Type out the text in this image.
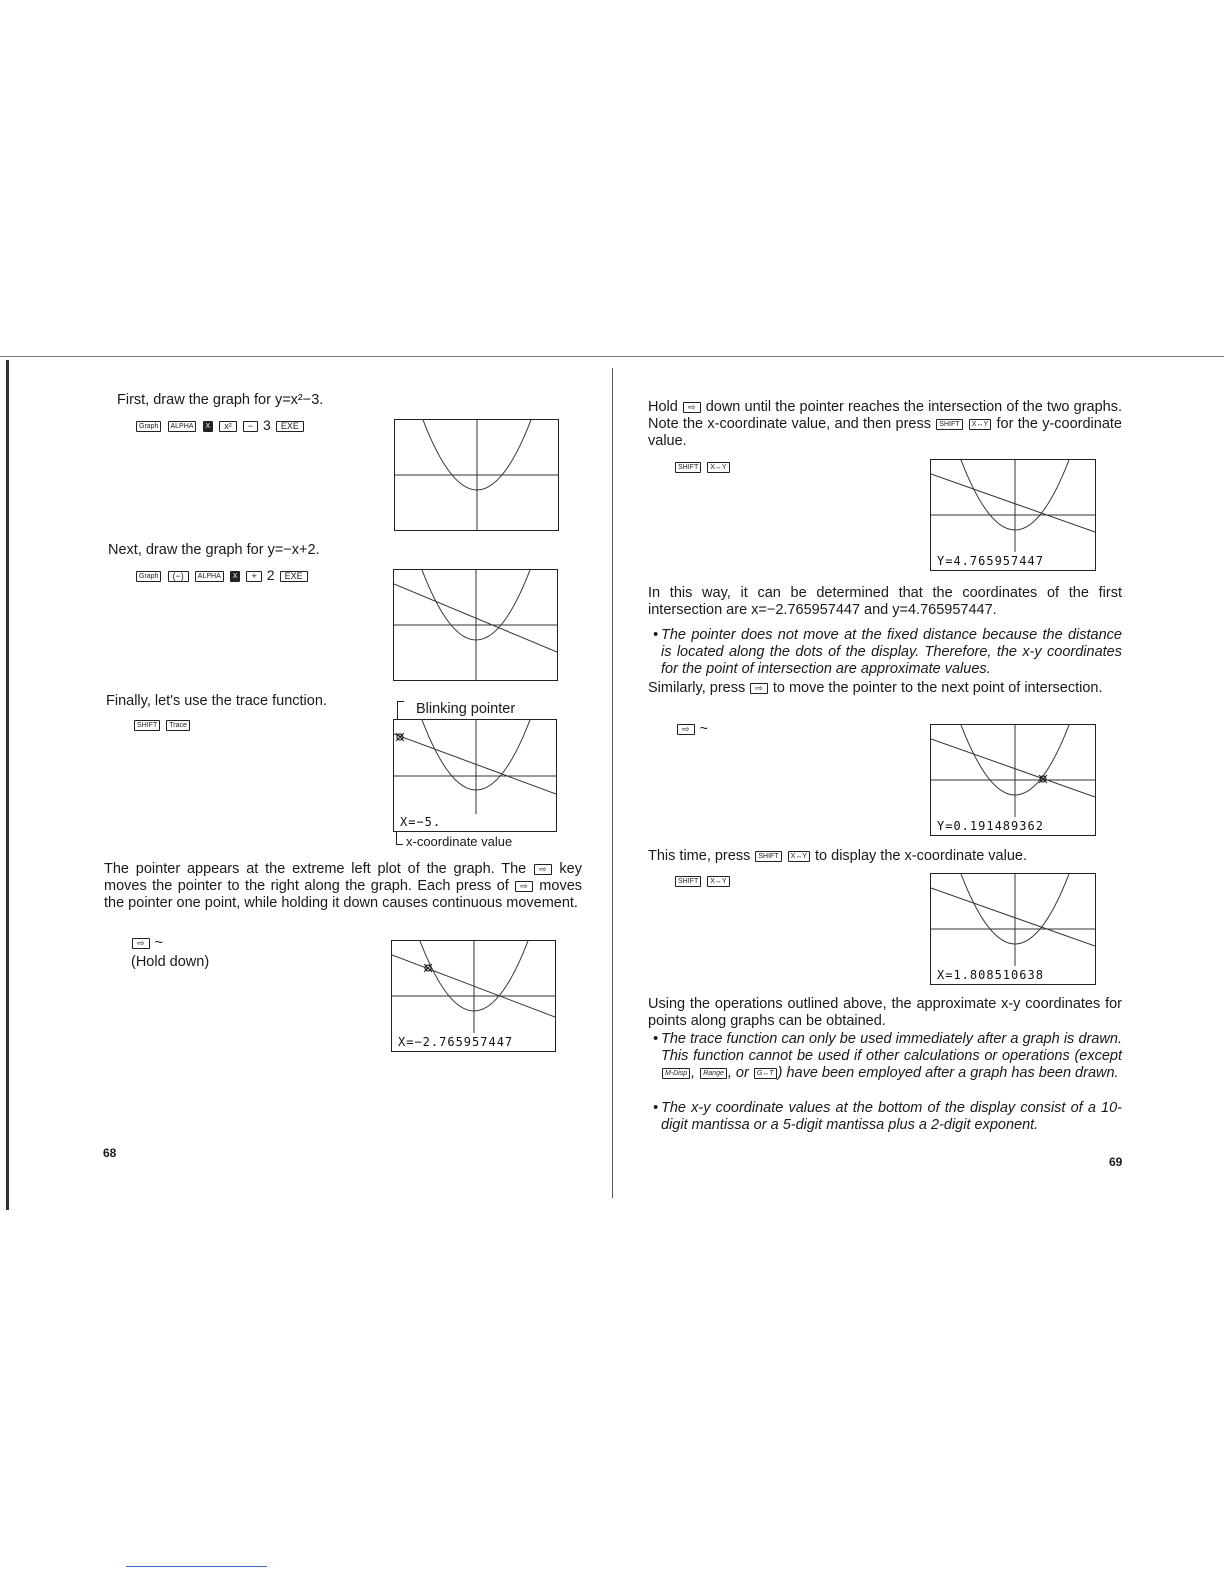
First, draw the graph for y=x²−3.
Graph ALPHA X x² − 3 EXE
Next, draw the graph for y=−x+2.
Graph (−) ALPHA X + 2 EXE
Finally, let's use the trace function.
SHIFT Trace
Blinking pointer
X=−5.
x-coordinate value
The pointer appears at the extreme left plot of the graph. The ⇨ key moves the pointer to the right along the graph. Each press of ⇨ moves the pointer one point, while holding it down causes continuous movement.
⇨ ~
(Hold down)
X=−2.765957447
68
Hold ⇨ down until the pointer reaches the intersection of the two graphs. Note the x-coordinate value, and then press SHIFT X↔Y for the y-coordinate value.
SHIFT X↔Y
Y=4.765957447
In this way, it can be determined that the coordinates of the first intersection are x=−2.765957447 and y=4.765957447.
• The pointer does not move at the fixed distance because the distance is located along the dots of the display. Therefore, the x-y coordinates for the point of intersection are approximate values.
Similarly, press ⇨ to move the pointer to the next point of intersection.
⇨ ~
Y=0.191489362
This time, press SHIFT X↔Y to display the x-coordinate value.
SHIFT X↔Y
X=1.808510638
Using the operations outlined above, the approximate x-y coordinates for points along graphs can be obtained.
• The trace function can only be used immediately after a graph is drawn. This function cannot be used if other calculations or operations (except M-Disp , Range , or G↔T ) have been employed after a graph has been drawn.
• The x-y coordinate values at the bottom of the display consist of a 10-digit mantissa or a 5-digit mantissa plus a 2-digit exponent.
69
